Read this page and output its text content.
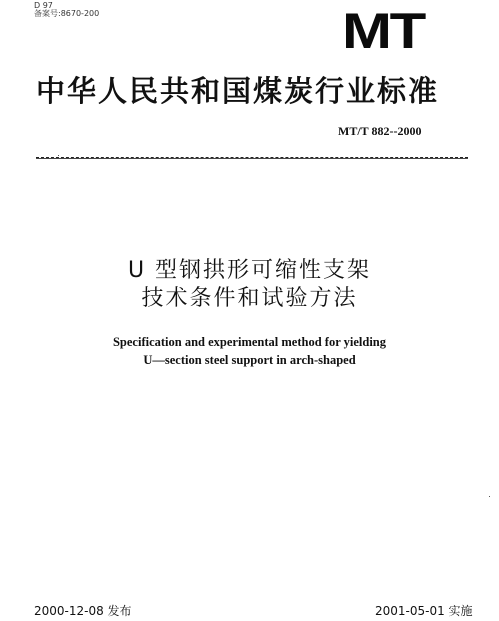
D 97
备案号:8670-200	MT
中华人民共和国煤炭行业标准
MT/T 882--2000
U 型钢拱形可缩性支架
技术条件和试验方法
Specification and experimental method for yielding
U—section steel support in arch-shaped
2000-12-08 发布	2001-05-01 实施
